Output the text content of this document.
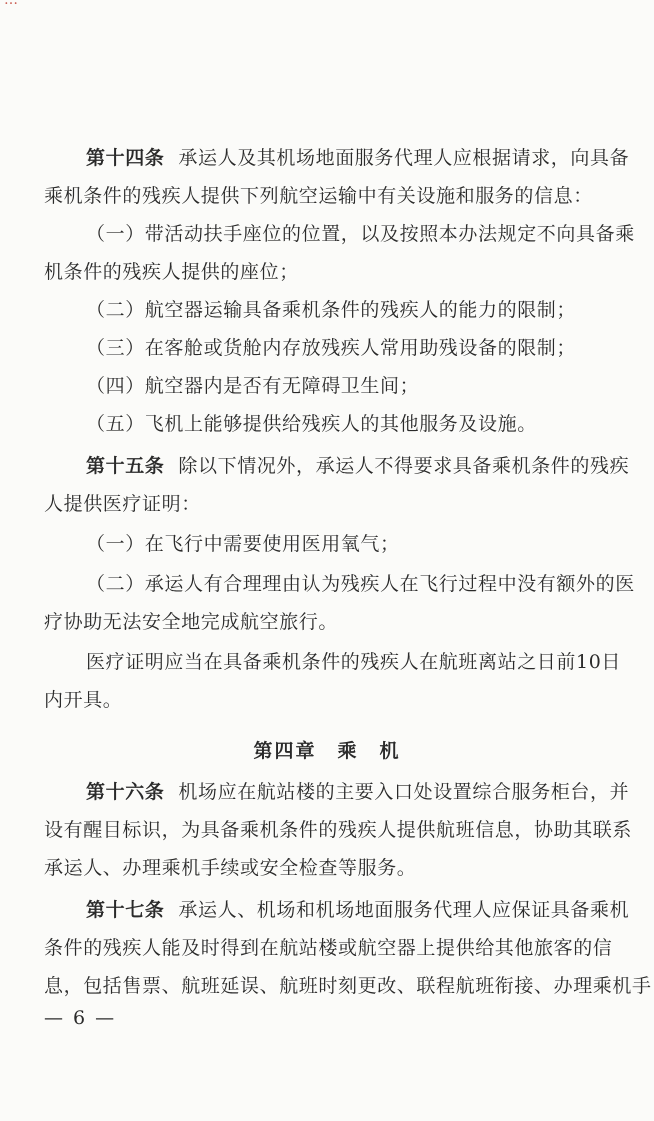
…
第十四条 承运人及其机场地面服务代理人应根据请求，向具备
乘机条件的残疾人提供下列航空运输中有关设施和服务的信息：
（一）带活动扶手座位的位置，以及按照本办法规定不向具备乘
机条件的残疾人提供的座位；
（二）航空器运输具备乘机条件的残疾人的能力的限制；
（三）在客舱或货舱内存放残疾人常用助残设备的限制；
（四）航空器内是否有无障碍卫生间；
（五）飞机上能够提供给残疾人的其他服务及设施。
第十五条 除以下情况外，承运人不得要求具备乘机条件的残疾
人提供医疗证明：
（一）在飞行中需要使用医用氧气；
（二）承运人有合理理由认为残疾人在飞行过程中没有额外的医
疗协助无法安全地完成航空旅行。
医疗证明应当在具备乘机条件的残疾人在航班离站之日前10日
内开具。
第四章　乘　机
第十六条 机场应在航站楼的主要入口处设置综合服务柜台，并
设有醒目标识，为具备乘机条件的残疾人提供航班信息，协助其联系
承运人、办理乘机手续或安全检查等服务。
第十七条 承运人、机场和机场地面服务代理人应保证具备乘机
条件的残疾人能及时得到在航站楼或航空器上提供给其他旅客的信
息，包括售票、航班延误、航班时刻更改、联程航班衔接、办理乘机手
— 6 —
